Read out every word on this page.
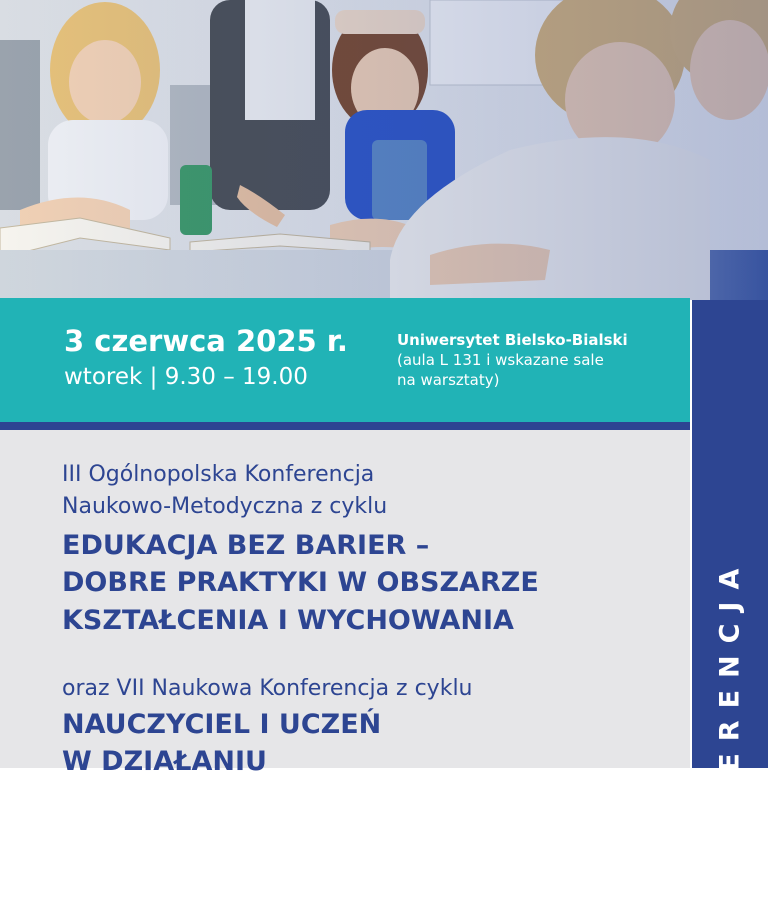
KONFERENCJA
3 czerwca 2025 r.
wtorek | 9.30 – 19.00
Uniwersytet Bielsko-Bialski
(aula L 131 i wskazane sale
na warsztaty)
III Ogólnopolska Konferencja
Naukowo-Metodyczna z cyklu
EDUKACJA BEZ BARIER –
DOBRE PRAKTYKI W OBSZARZE
KSZTAŁCENIA I WYCHOWANIA
oraz VII Naukowa Konferencja z cyklu
NAUCZYCIEL I UCZEŃ
W DZIAŁANIU
